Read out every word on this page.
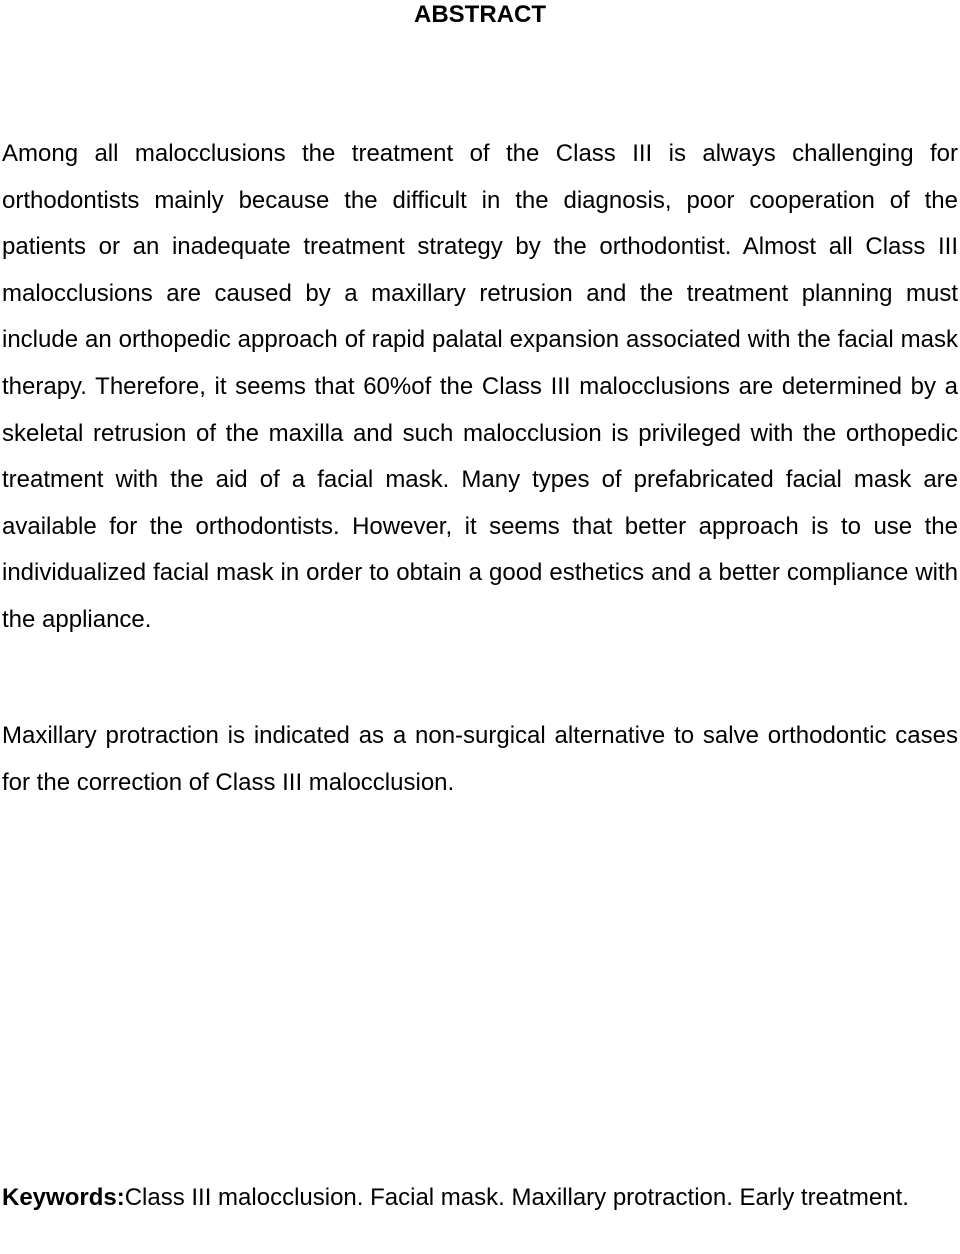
ABSTRACT

Among all malocclusions the treatment of the Class III is always challenging for orthodontists mainly because the difficult in the diagnosis, poor cooperation of the patients or an inadequate treatment strategy by the orthodontist. Almost all Class III malocclusions are caused by a maxillary retrusion and the treatment planning must include an orthopedic approach of rapid palatal expansion associated with the facial mask therapy. Therefore, it seems that 60%of the Class III malocclusions are determined by a skeletal retrusion of the maxilla and such malocclusion is privileged with the orthopedic treatment with the aid of a facial mask. Many types of prefabricated facial mask are available for the orthodontists. However, it seems that better approach is to use the individualized facial mask in order to obtain a good esthetics and a better compliance with the appliance.

Maxillary protraction is indicated as a non-surgical alternative to salve orthodontic cases for the correction of Class III malocclusion.

Keywords:Class III malocclusion. Facial mask. Maxillary protraction. Early treatment.
